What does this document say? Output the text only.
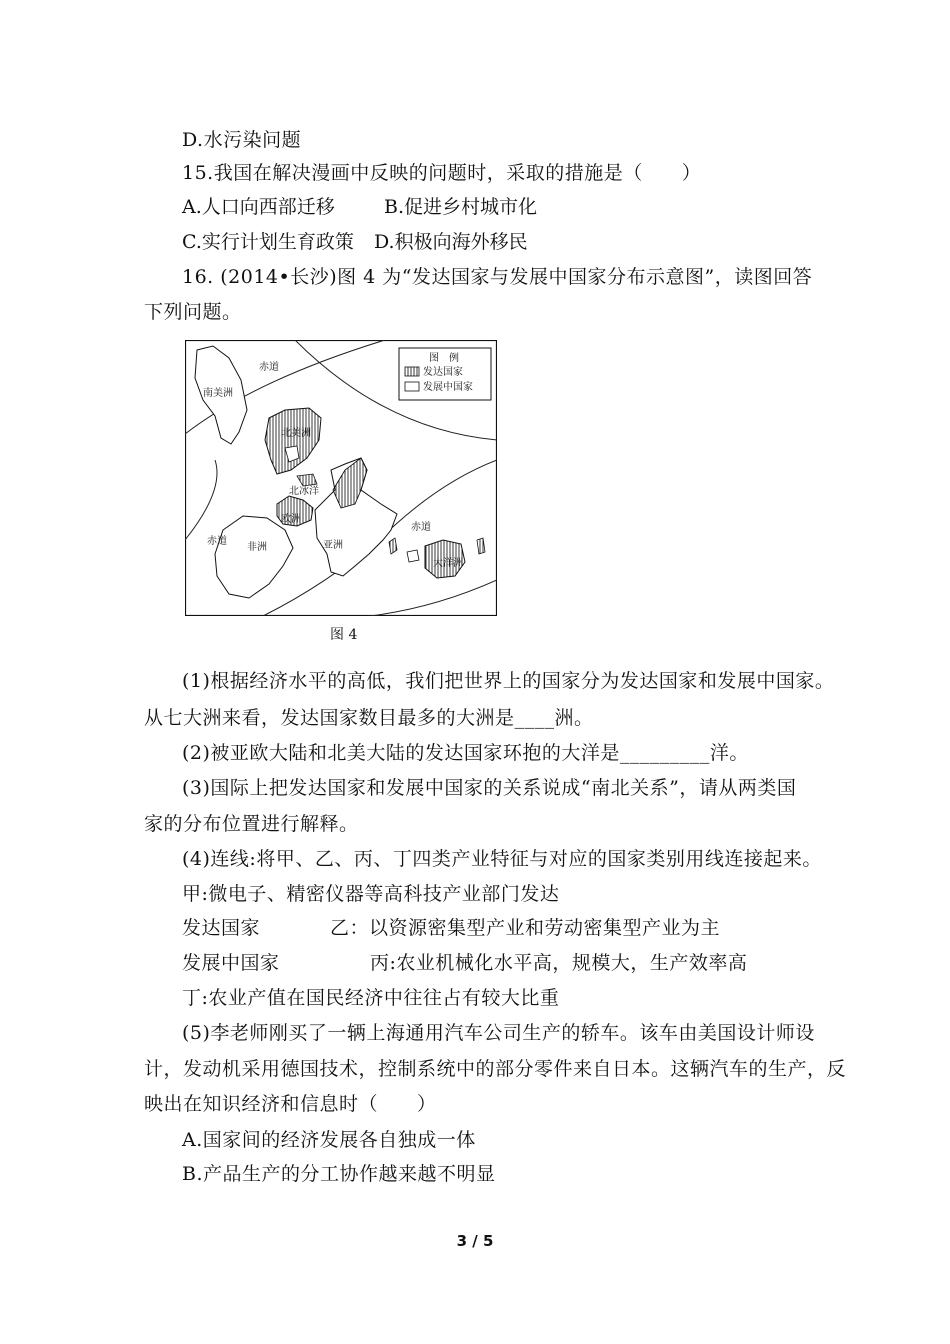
D.水污染问题
15.我国在解决漫画中反映的问题时，采取的措施是（　　）
A.人口向西部迁移	B.促进乡村城市化
C.实行计划生育政策 D.积极向海外移民
16. (2014•长沙)图 4 为“发达国家与发展中国家分布示意图”，读图回答
下列问题。
赤道
南美洲
北美洲
北冰洋
欧洲
赤道
非洲	亚洲
赤道
大洋洲
图　例
发达国家
发展中国家
图 4
(1)根据经济水平的高低，我们把世界上的国家分为发达国家和发展中国家。
从七大洲来看，发达国家数目最多的大洲是____洲。
(2)被亚欧大陆和北美大陆的发达国家环抱的大洋是_________洋。
(3)国际上把发达国家和发展中国家的关系说成“南北关系”，请从两类国
家的分布位置进行解释。
(4)连线:将甲、乙、丙、丁四类产业特征与对应的国家类别用线连接起来。
甲:微电子、精密仪器等高科技产业部门发达
发达国家	乙：以资源密集型产业和劳动密集型产业为主
发展中国家	丙:农业机械化水平高，规模大，生产效率高
丁:农业产值在国民经济中往往占有较大比重
(5)李老师刚买了一辆上海通用汽车公司生产的轿车。该车由美国设计师设
计，发动机采用德国技术，控制系统中的部分零件来自日本。这辆汽车的生产，反
映出在知识经济和信息时（　　）
A.国家间的经济发展各自独成一体
B.产品生产的分工协作越来越不明显
3 / 5
